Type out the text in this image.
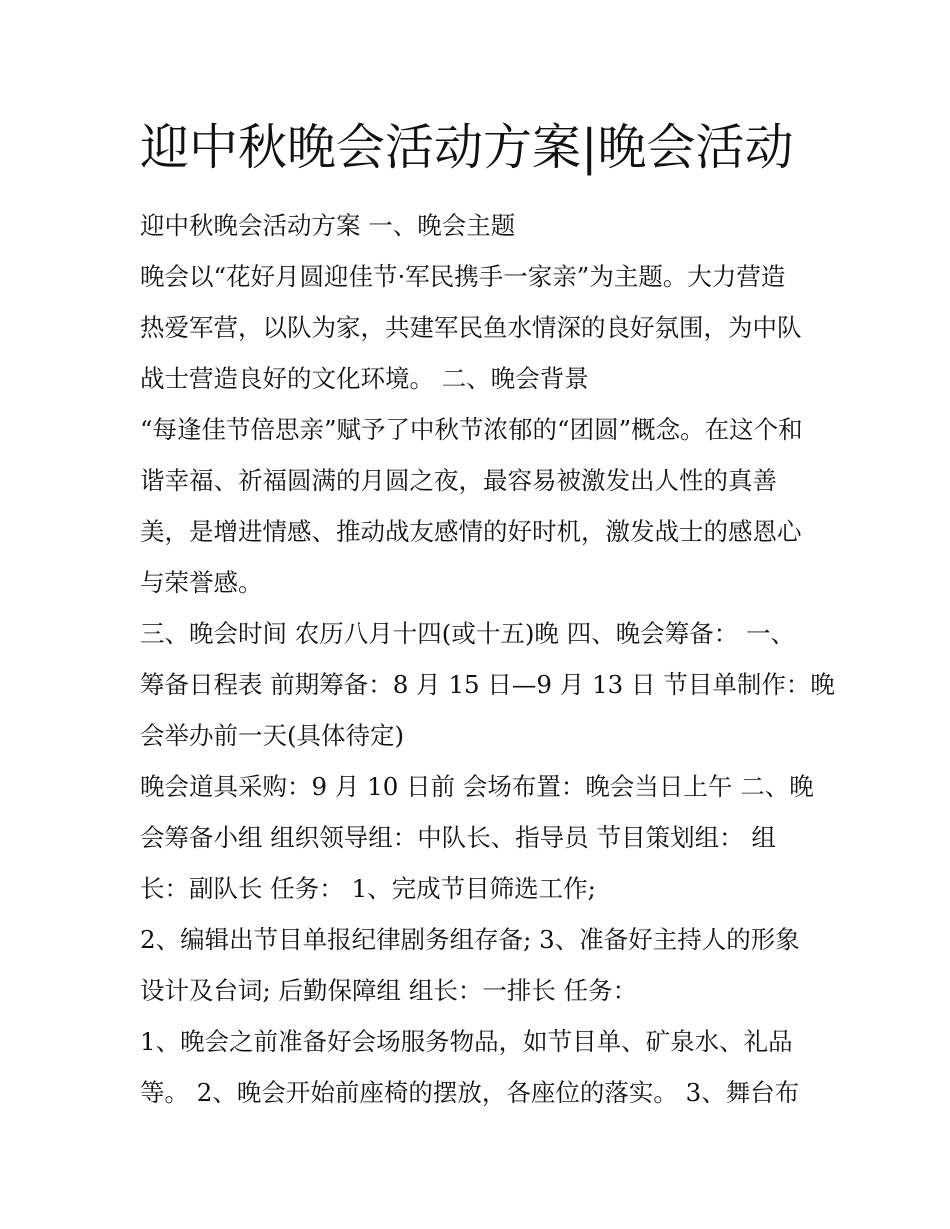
迎中秋晚会活动方案|晚会活动
迎中秋晚会活动方案 一、晚会主题
晚会以“花好月圆迎佳节·军民携手一家亲”为主题。大力营造
热爱军营，以队为家，共建军民鱼水情深的良好氛围，为中队
战士营造良好的文化环境。 二、晚会背景
“每逢佳节倍思亲”赋予了中秋节浓郁的“团圆”概念。在这个和
谐幸福、祈福圆满的月圆之夜，最容易被激发出人性的真善
美，是增进情感、推动战友感情的好时机，激发战士的感恩心
与荣誉感。
三、晚会时间 农历八月十四(或十五)晚 四、晚会筹备： 一、
筹备日程表 前期筹备：8 月 15 日—9 月 13 日 节目单制作：晚
会举办前一天(具体待定)
晚会道具采购：9 月 10 日前 会场布置：晚会当日上午 二、晚
会筹备小组 组织领导组：中队长、指导员 节目策划组： 组
长：副队长 任务： 1、完成节目筛选工作;
2、编辑出节目单报纪律剧务组存备; 3、准备好主持人的形象
设计及台词; 后勤保障组 组长：一排长 任务：
1、晚会之前准备好会场服务物品，如节目单、矿泉水、礼品
等。 2、晚会开始前座椅的摆放，各座位的落实。 3、舞台布
